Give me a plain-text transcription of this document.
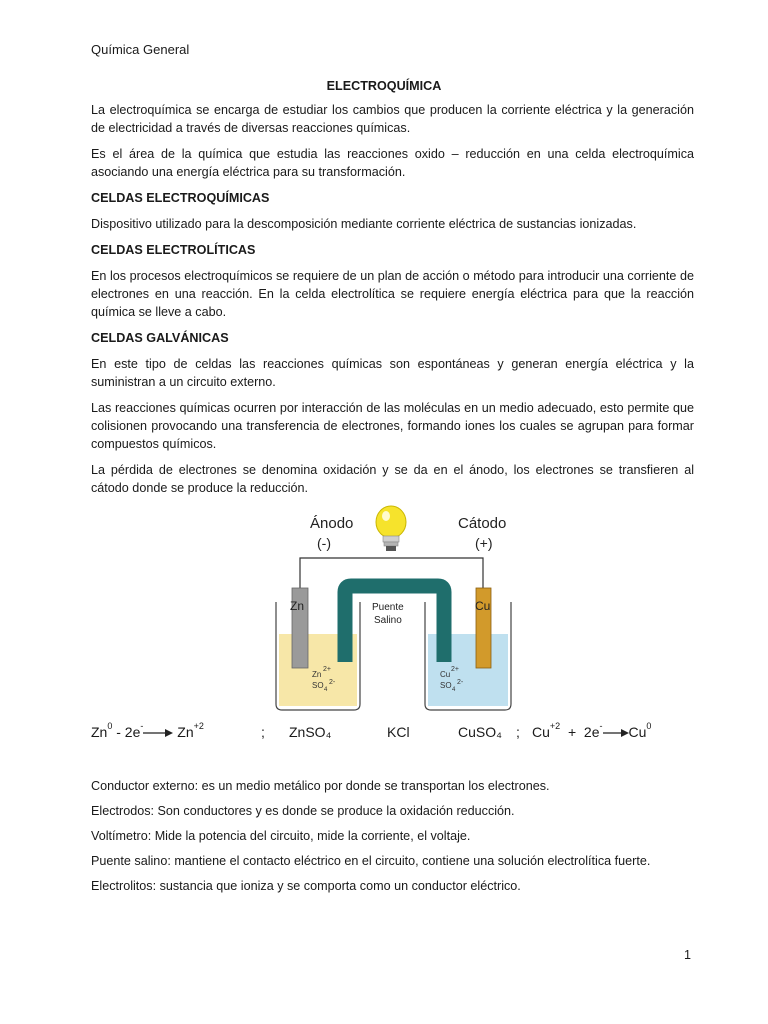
Química General
ELECTROQUÍMICA

La electroquímica se encarga de estudiar los cambios que producen la corriente eléctrica y la generación de electricidad a través de diversas reacciones químicas.

Es el área de la química que estudia las reacciones oxido – reducción en una celda electroquímica asociando una energía eléctrica para su transformación.

CELDAS ELECTROQUÍMICAS

Dispositivo utilizado para la descomposición mediante corriente eléctrica de sustancias ionizadas.

CELDAS ELECTROLÍTICAS

En los procesos electroquímicos se requiere de un plan de acción o método para introducir una corriente de electrones en una reacción. En la celda electrolítica se requiere energía eléctrica para que la reacción química se lleve a cabo.

CELDAS GALVÁNICAS

En este tipo de celdas las reacciones químicas son espontáneas y generan energía eléctrica y la suministran a un circuito externo.

Las reacciones químicas ocurren por interacción de las moléculas en un medio adecuado, esto permite que colisionen provocando una transferencia de electrones, formando iones los cuales se agrupan para formar compuestos químicos.

La pérdida de electrones se denomina oxidación y se da en el ánodo, los electrones se transfieren al cátodo donde se produce la reducción.

Ánodo
(-)
Cátodo
(+)
Puente
Salino
Zn	Cu
Zn
2+
SO 4
2-
Cu
2+
SO 4
2-
Zn$^0$ - 2e- $Zn^{+2}$	; ZnSO₄	KCl	CuSO₄ ; $Cu^{+2} + 2e^-$ Cu$^0$

Conductor externo: es un medio metálico por donde se transportan los electrones.

Electrodos: Son conductores y es donde se produce la oxidación reducción.

Voltímetro: Mide la potencia del circuito, mide la corriente, el voltaje.

Puente salino: mantiene el contacto eléctrico en el circuito, contiene una solución electrolítica fuerte.

Electrolitos: sustancia que ioniza y se comporta como un conductor eléctrico.

1
